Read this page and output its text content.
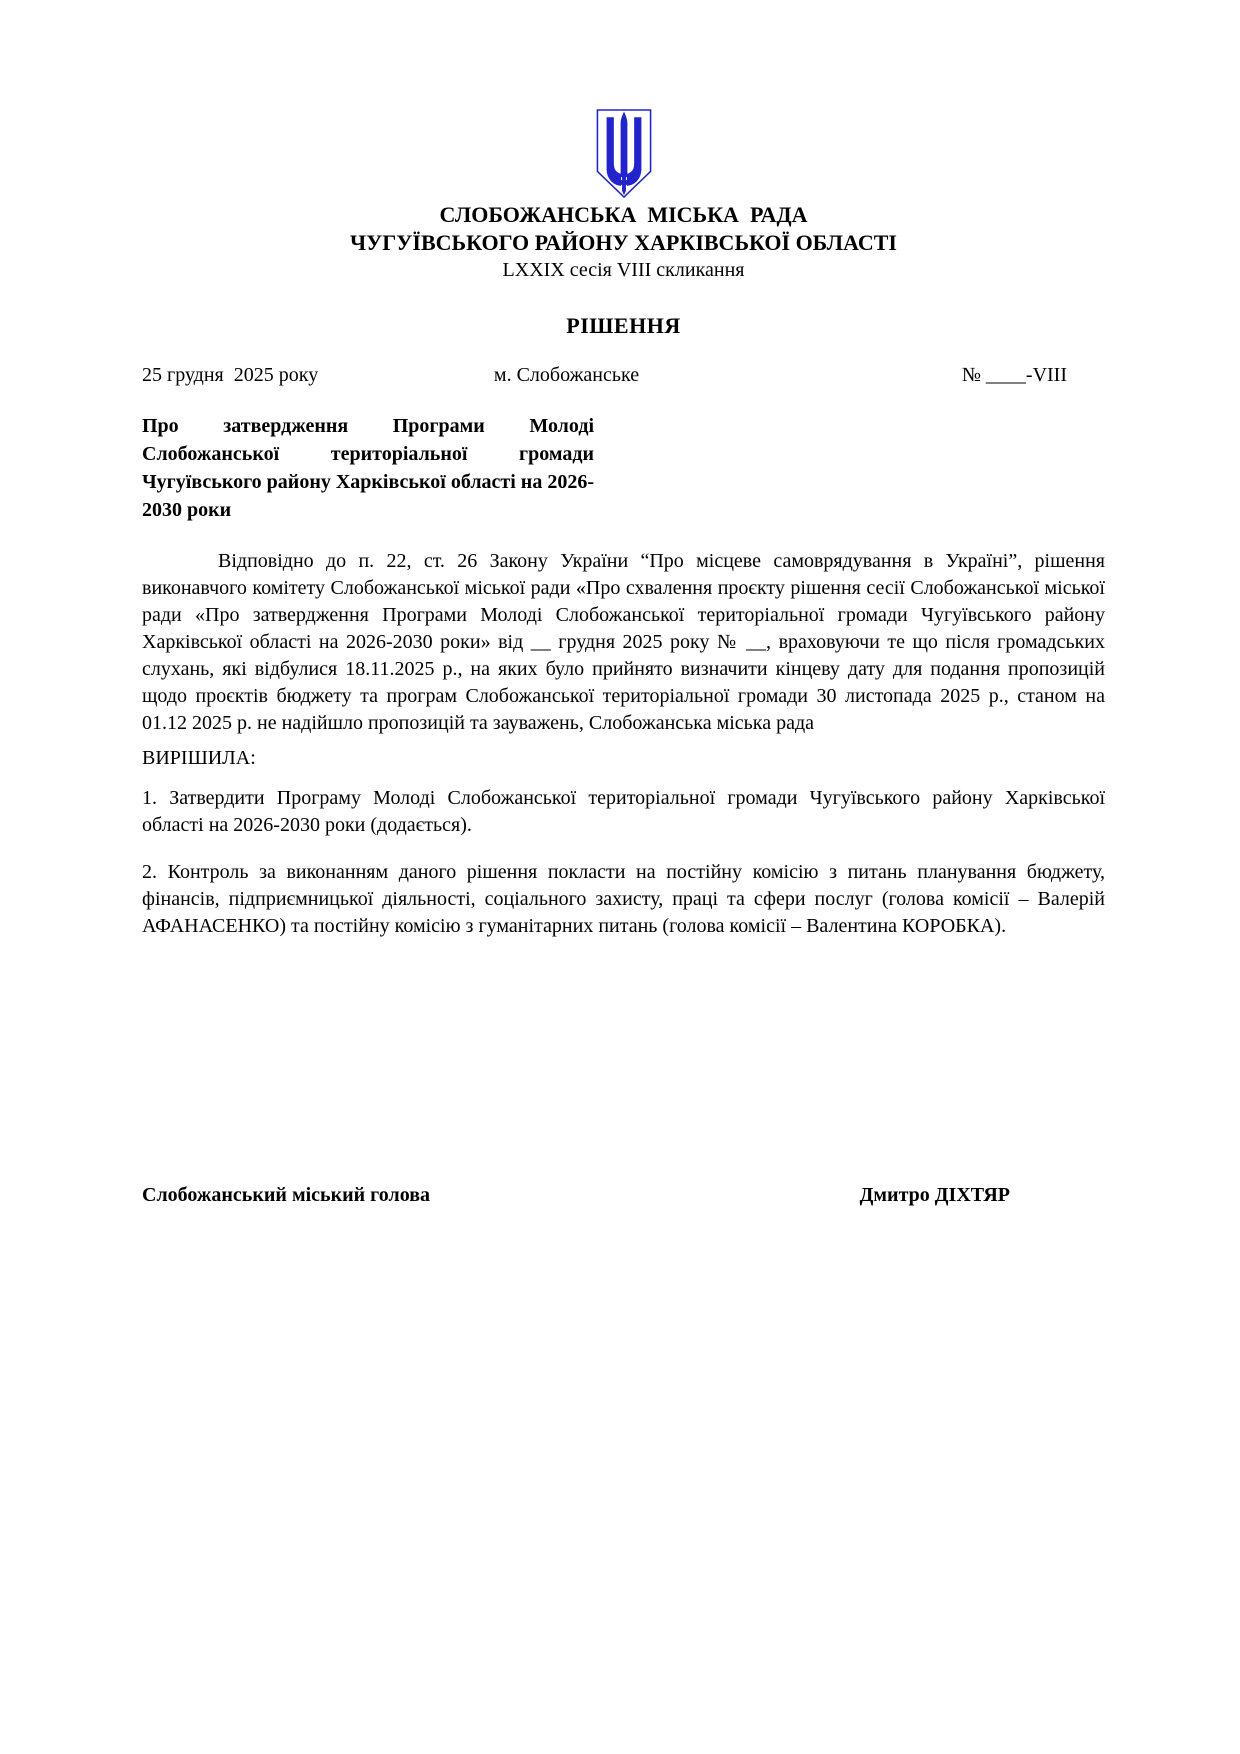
СЛОБОЖАНСЬКА  МІСЬКА  РАДА
ЧУГУЇВСЬКОГО РАЙОНУ ХАРКІВСЬКОЇ ОБЛАСТІ
LXXIX сесія VIII скликання
РІШЕННЯ
25 грудня  2025 року	м. Слобожанське	№ ____-VIII
Про затвердження Програми Молоді Слобожанської територіальної громади Чугуївського району Харківської області на 2026-2030 роки

Відповідно до п. 22, ст. 26 Закону України “Про місцеве самоврядування в Україні”, рішення виконавчого комітету Слобожанської міської ради «Про схвалення проєкту рішення сесії Слобожанської міської ради «Про затвердження Програми Молоді Слобожанської територіальної громади Чугуївського району Харківської області на 2026-2030 роки» від __ грудня 2025 року № __, враховуючи те що після громадських слухань, які відбулися 18.11.2025 р., на яких було прийнято визначити кінцеву дату для подання пропозицій щодо проєктів бюджету та програм Слобожанської територіальної громади 30 листопада 2025 р., станом на 01.12 2025 р. не надійшло пропозицій та зауважень, Слобожанська міська рада

ВИРІШИЛА:

1. Затвердити Програму Молоді Слобожанської територіальної громади Чугуївського району Харківської області на 2026-2030 роки (додається).

2. Контроль за виконанням даного рішення покласти на постійну комісію з питань планування бюджету, фінансів, підприємницької діяльності, соціального захисту, праці та сфери послуг (голова комісії – Валерій АФАНАСЕНКО) та постійну комісію з гуманітарних питань (голова комісії – Валентина КОРОБКА).

Слобожанський міський голова	Дмитро ДІХТЯР
